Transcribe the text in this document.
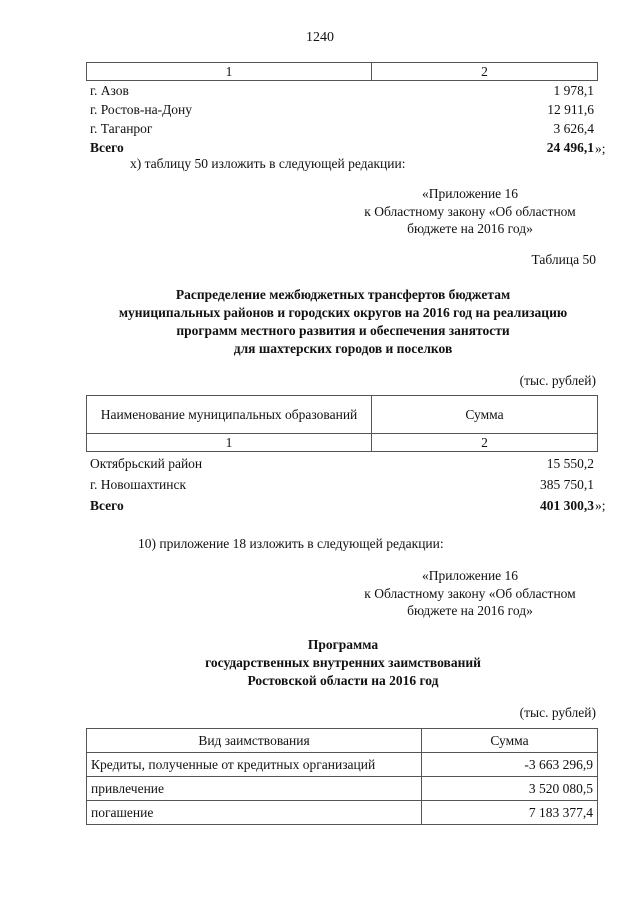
1240
1	2
г. Азов	1 978,1
г. Ростов-на-Дону	12 911,6
г. Таганрог	3 626,4
Всего	24 496,1 »;
х) таблицу 50 изложить в следующей редакции:
«Приложение 16
к Областному закону «Об областном
бюджете на 2016 год»
Таблица 50
Распределение межбюджетных трансфертов бюджетам
муниципальных районов и городских округов на 2016 год на реализацию
программ местного развития и обеспечения занятости
для шахтерских городов и поселков
(тыс. рублей)
Наименование муниципальных образований	Сумма
1	2
Октябрьский район	15 550,2
г. Новошахтинск	385 750,1
Всего	401 300,3 »;
10) приложение 18 изложить в следующей редакции:
«Приложение 16
к Областному закону «Об областном
бюджете на 2016 год»
Программа
государственных внутренних заимствований
Ростовской области на 2016 год
(тыс. рублей)
Вид заимствования	Сумма
Кредиты, полученные от кредитных организаций	-3 663 296,9
привлечение	3 520 080,5
погашение	7 183 377,4
